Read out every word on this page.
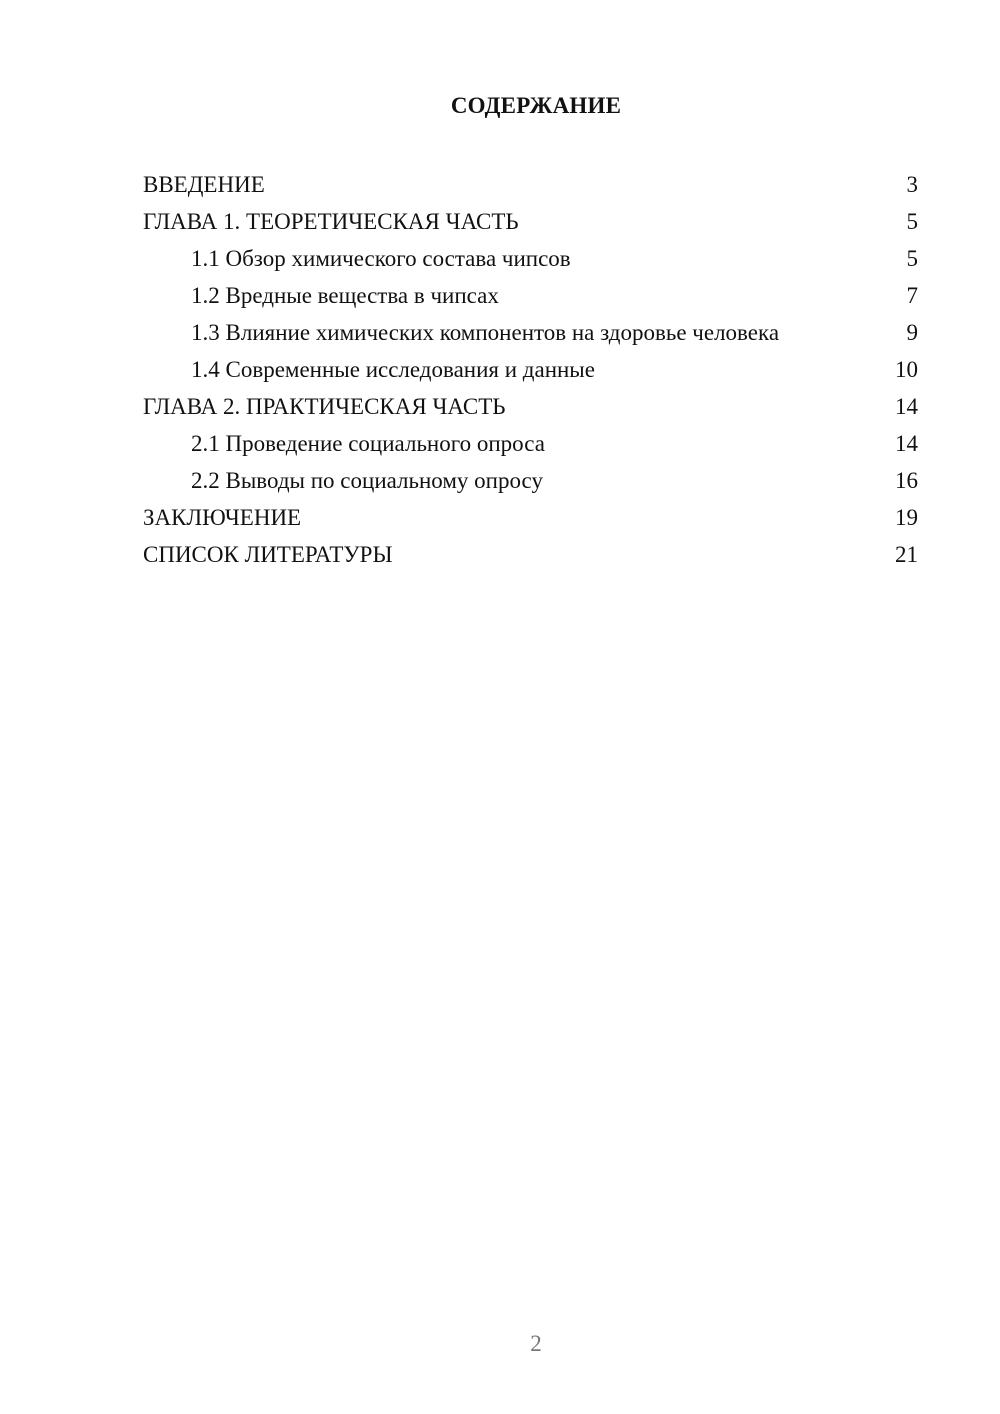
СОДЕРЖАНИЕ
ВВЕДЕНИЕ	3
ГЛАВА 1. ТЕОРЕТИЧЕСКАЯ ЧАСТЬ	5
1.1 Обзор химического состава чипсов	5
1.2 Вредные вещества в чипсах	7
1.3 Влияние химических компонентов на здоровье человека	9
1.4 Современные исследования и данные	10
ГЛАВА 2. ПРАКТИЧЕСКАЯ ЧАСТЬ	14
2.1 Проведение социального опроса	14
2.2 Выводы по социальному опросу	16
ЗАКЛЮЧЕНИЕ	19
СПИСОК ЛИТЕРАТУРЫ	21
2
